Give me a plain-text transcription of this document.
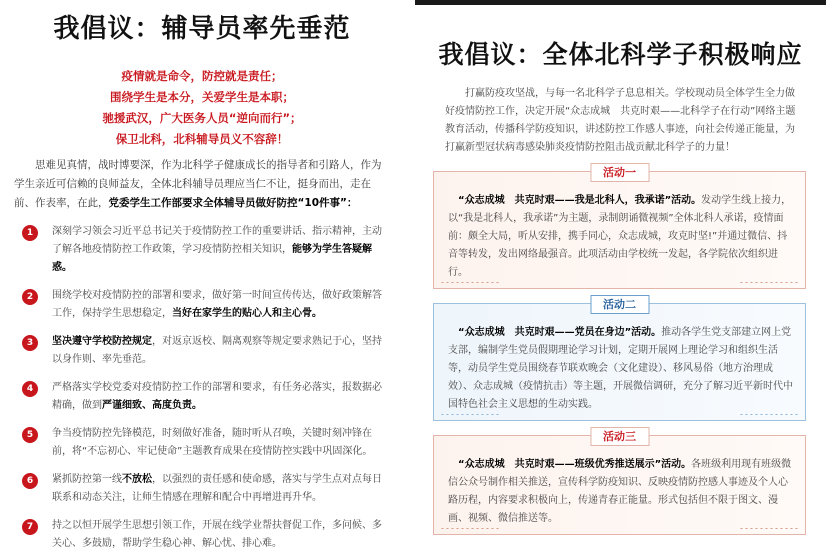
我倡议：辅导员率先垂范
疫情就是命令，防控就是责任；
围绕学生是本分，关爱学生是本职；
驰援武汉，广大医务人员“逆向而行”；
保卫北科，北科辅导员义不容辞！
思难见真情，战时博要深，作为北科学子健康成长的指导者和引路人，作为学生亲近可信赖的良师益友，全体北科辅导员理应当仁不让，挺身而出，走在前、作表率，在此，党委学生工作部要求全体辅导员做好防控“10件事”：
1	深刻学习领会习近平总书记关于疫情防控工作的重要讲话、指示精神，主动了解各地疫情防控工作政策，学习疫情防控相关知识，能够为学生答疑解惑。
2	围绕学校对疫情防控的部署和要求，做好第一时间宣传传达，做好政策解答工作，保持学生思想稳定，当好在家学生的贴心人和主心骨。
3	坚决遵守学校防控规定，对返京返校、隔离观察等规定要求熟记于心，坚持以身作则、率先垂范。
4	严格落实学校党委对疫情防控工作的部署和要求，有任务必落实，报数据必精确，做到严谨细致、高度负责。
5	争当疫情防控先锋模范，时刻做好准备，随时听从召唤，关键时刻冲锋在前，将“不忘初心、牢记使命”主题教育成果在疫情防控实践中巩固深化。
6	紧抓防控第一线不放松，以强烈的责任感和使命感，落实与学生点对点每日联系和动态关注，让师生情感在理解和配合中再增进再升华。
7	持之以恒开展学生思想引领工作，开展在线学业帮扶督促工作，多问候、多关心、多鼓励，帮助学生稳心神、解心忧、排心难。
我倡议：全体北科学子积极响应
打赢防疫攻坚战，与每一名北科学子息息相关。学校现动员全体学生全力做好疫情防控工作，决定开展“众志成城　共克时艰——北科学子在行动”网络主题教育活动，传播科学防疫知识，讲述防控工作感人事迹，向社会传递正能量，为打赢新型冠状病毒感染肺炎疫情防控阻击战贡献北科学子的力量！
活动一
“众志成城　共克时艰——我是北科人，我承诺”活动。发动学生线上接力，以“我是北科人，我承诺”为主题，录制朗诵微视频”全体北科人承诺，疫情面前：颇全大局，听从安排，携手同心，众志成城，攻克时坚!”并通过微信、抖音等转发，发出网络最强音。此项活动由学校统一发起，各学院依次组织进行。
活动二
“众志成城　共克时艰——党员在身边”活动。推动各学生党支部建立网上党支部，编制学生党员假期理论学习计划，定期开展网上理论学习和组织生活等，动员学生党员围绕春节联欢晚会（文化建设）、移风易俗（地方治理成效）、众志成城（疫情抗击）等主题，开展微信调研，充分了解习近平新时代中国特色社会主义思想的生动实践。
活动三
“众志成城　共克时艰——班级优秀推送展示”活动。各班级利用现有班级微信公众号制作相关推送，宣传科学防疫知识、反映疫情防控感人事迹及个人心路历程，内容要求积极向上，传递青春正能量。形式包括但不限于图文、漫画、视频、微信推送等。
